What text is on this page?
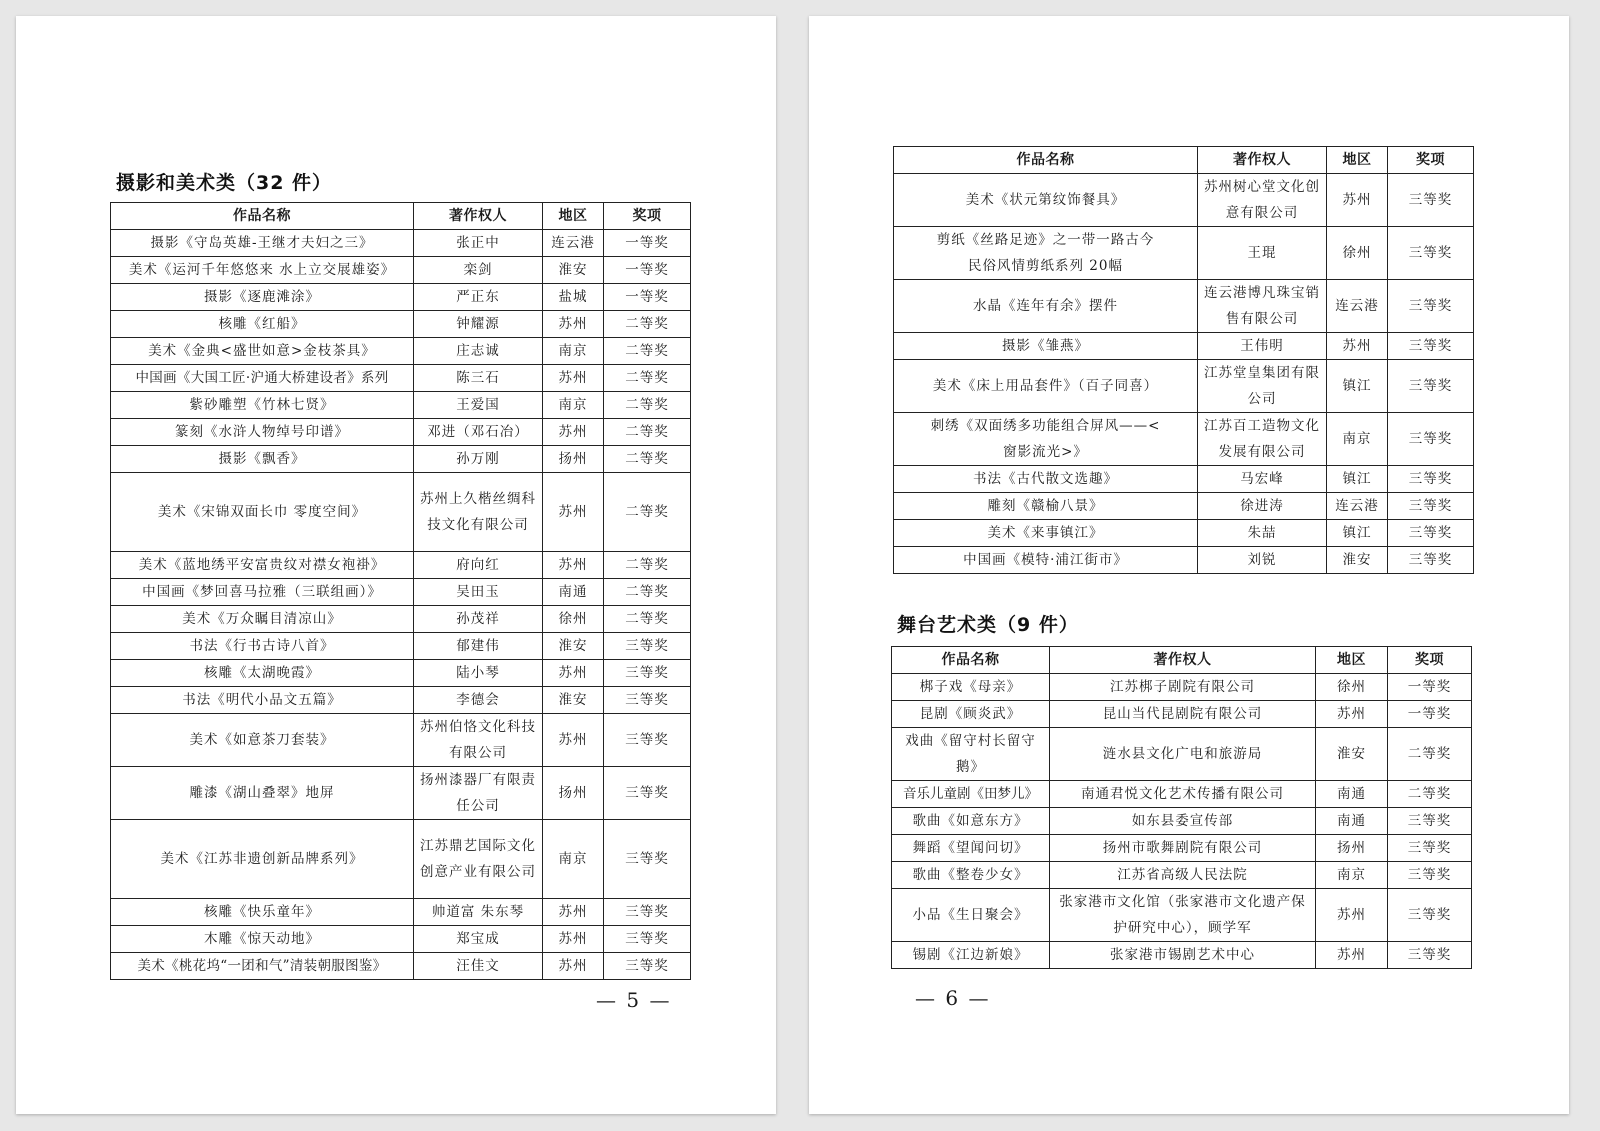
摄影和美术类（32 件）
作品名称	著作权人	地区	奖项
摄影《守岛英雄-王继才夫妇之三》	张正中	连云港	一等奖
美术《运河千年悠悠来 水上立交展雄姿》	栾剑	淮安	一等奖
摄影《逐鹿滩涂》	严正东	盐城	一等奖
核雕《红船》	钟耀源	苏州	二等奖
美术《金典<盛世如意>金枝茶具》	庄志诚	南京	二等奖
中国画《大国工匠·沪通大桥建设者》系列	陈三石	苏州	二等奖
紫砂雕塑《竹林七贤》	王爱国	南京	二等奖
篆刻《水浒人物绰号印谱》	邓进（邓石冶）	苏州	二等奖
摄影《飘香》	孙万刚	扬州	二等奖
美术《宋锦双面长巾 零度空间》	苏州上久楷丝绸科技文化有限公司	苏州	二等奖
美术《蓝地绣平安富贵纹对襟女袍褂》	府向红	苏州	二等奖
中国画《梦回喜马拉雅（三联组画）》	吴田玉	南通	二等奖
美术《万众瞩目清凉山》	孙茂祥	徐州	二等奖
书法《行书古诗八首》	郁建伟	淮安	三等奖
核雕《太湖晚霞》	陆小琴	苏州	三等奖
书法《明代小品文五篇》	李德会	淮安	三等奖
美术《如意茶刀套装》	苏州伯恪文化科技有限公司	苏州	三等奖
雕漆《湖山叠翠》地屏	扬州漆器厂有限责任公司	扬州	三等奖
美术《江苏非遗创新品牌系列》	江苏鼎艺国际文化创意产业有限公司	南京	三等奖
核雕《快乐童年》	帅道富 朱东琴	苏州	三等奖
木雕《惊天动地》	郑宝成	苏州	三等奖
美术《桃花坞“一团和气”清装朝服图鉴》	汪佳文	苏州	三等奖
— 5 —
作品名称	著作权人	地区	奖项
美术《状元第纹饰餐具》	苏州树心堂文化创意有限公司	苏州	三等奖
剪纸《丝路足迹》之一带一路古今民俗风情剪纸系列 20幅	王琨	徐州	三等奖
水晶《连年有余》摆件	连云港博凡珠宝销售有限公司	连云港	三等奖
摄影《雏燕》	王伟明	苏州	三等奖
美术《床上用品套件》（百子同喜）	江苏堂皇集团有限公司	镇江	三等奖
刺绣《双面绣多功能组合屏风——<窗影流光>》	江苏百工造物文化发展有限公司	南京	三等奖
书法《古代散文选趣》	马宏峰	镇江	三等奖
雕刻《赣榆八景》	徐进涛	连云港	三等奖
美术《来事镇江》	朱喆	镇江	三等奖
中国画《模特·浦江街市》	刘锐	淮安	三等奖
舞台艺术类（9 件）
作品名称	著作权人	地区	奖项
梆子戏《母亲》	江苏梆子剧院有限公司	徐州	一等奖
昆剧《顾炎武》	昆山当代昆剧院有限公司	苏州	一等奖
戏曲《留守村长留守鹅》	涟水县文化广电和旅游局	淮安	二等奖
音乐儿童剧《田梦儿》	南通君悦文化艺术传播有限公司	南通	二等奖
歌曲《如意东方》	如东县委宣传部	南通	三等奖
舞蹈《望闻问切》	扬州市歌舞剧院有限公司	扬州	三等奖
歌曲《整卷少女》	江苏省高级人民法院	南京	三等奖
小品《生日聚会》	张家港市文化馆（张家港市文化遗产保护研究中心），顾学军	苏州	三等奖
锡剧《江边新娘》	张家港市锡剧艺术中心	苏州	三等奖
— 6 —
